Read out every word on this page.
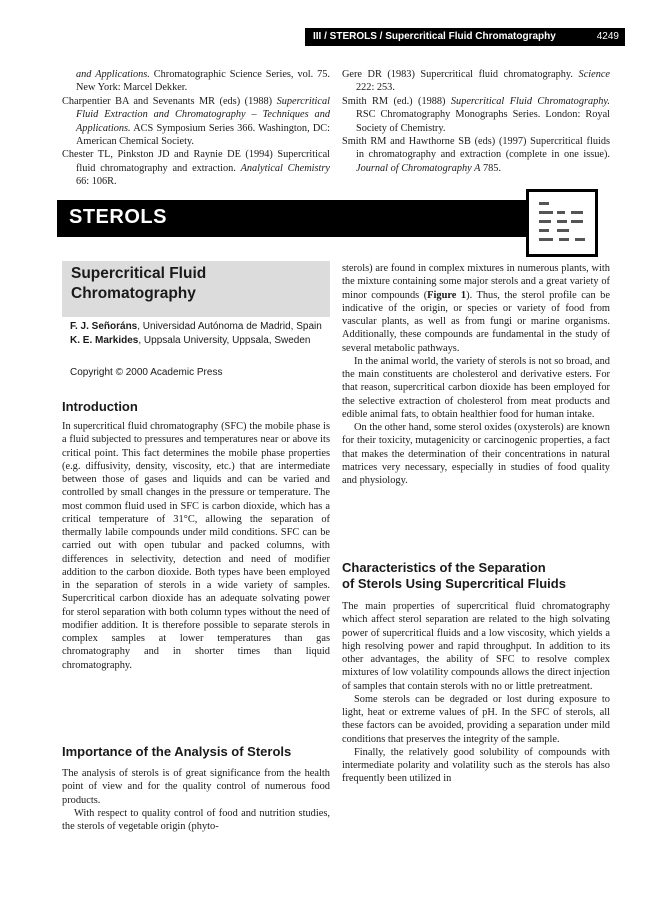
III / STEROLS / Supercritical Fluid Chromatography	4249
and Applications. Chromatographic Science Series, vol. 75. New York: Marcel Dekker.
Charpentier BA and Sevenants MR (eds) (1988) Supercritical Fluid Extraction and Chromatography – Techniques and Applications. ACS Symposium Series 366. Washington, DC: American Chemical Society.
Chester TL, Pinkston JD and Raynie DE (1994) Supercritical fluid chromatography and extraction. Analytical Chemistry 66: 106R.
Gere DR (1983) Supercritical fluid chromatography. Science 222: 253.
Smith RM (ed.) (1988) Supercritical Fluid Chromatography. RSC Chromatography Monographs Series. London: Royal Society of Chemistry.
Smith RM and Hawthorne SB (eds) (1997) Supercritical fluids in chromatography and extraction (complete in one issue). Journal of Chromatography A 785.
STEROLS
Supercritical Fluid Chromatography
F. J. Señoráns, Universidad Autónoma de Madrid, Spain
K. E. Markides, Uppsala University, Uppsala, Sweden
Copyright © 2000 Academic Press
Introduction

In supercritical fluid chromatography (SFC) the mobile phase is a fluid subjected to pressures and temperatures near or above its critical point. This fact determines the mobile phase properties (e.g. diffusivity, density, viscosity, etc.) that are intermediate between those of gases and liquids and can be varied and controlled by small changes in the pressure or temperature. The most common fluid used in SFC is carbon dioxide, which has a critical temperature of 31°C, allowing the separation of thermally labile compounds under mild conditions. SFC can be carried out with open tubular and packed columns, with differences in selectivity, detection and need of modifier addition to the carbon dioxide. Both types have been employed in the separation of sterols in a wide variety of samples. Supercritical carbon dioxide has an adequate solvating power for sterol separation with both column types without the need of modifier addition. It is therefore possible to separate sterols in complex samples at lower temperatures than gas chromatography and in shorter times than liquid chromatography.

Importance of the Analysis of Sterols

The analysis of sterols is of great significance from the health point of view and for the quality control of numerous food products.

With respect to quality control of food and nutrition studies, the sterols of vegetable origin (phyto-

sterols) are found in complex mixtures in numerous plants, with the mixture containing some major sterols and a great variety of minor compounds (Figure 1). Thus, the sterol profile can be indicative of the origin, or species or variety of food from vascular plants, as well as from fungi or marine organisms. Additionally, these compounds are fundamental in the study of several metabolic pathways.

In the animal world, the variety of sterols is not so broad, and the main constituents are cholesterol and derivative esters. For that reason, supercritical carbon dioxide has been employed for the selective extraction of cholesterol from meat products and edible animal fats, to obtain healthier food for human intake.

On the other hand, some sterol oxides (oxysterols) are known for their toxicity, mutagenicity or carcinogenic properties, a fact that makes the determination of their concentrations in natural matrices very necessary, especially in studies of food quality and physiology.

Characteristics of the Separation
of Sterols Using Supercritical Fluids

The main properties of supercritical fluid chromatography which affect sterol separation are related to the high solvating power of supercritical fluids and a low viscosity, which yields a high resolving power and rapid throughput. In addition to its other advantages, the ability of SFC to resolve complex mixtures of low volatility compounds allows the direct injection of samples that contain sterols with no or little pretreatment.

Some sterols can be degraded or lost during exposure to light, heat or extreme values of pH. In the SFC of sterols, all these factors can be avoided, providing a separation under mild conditions that preserves the integrity of the sample.

Finally, the relatively good solubility of compounds with intermediate polarity and volatility such as the sterols has also frequently been utilized in
